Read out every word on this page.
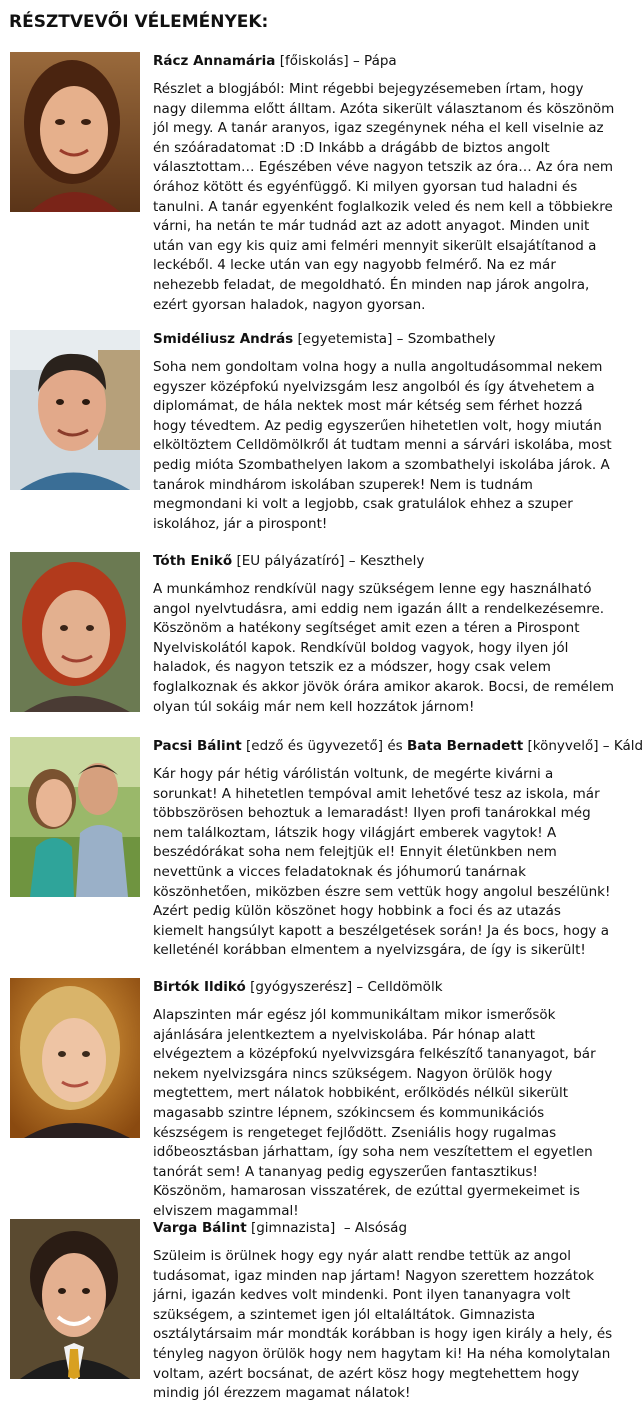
RÉSZTVEVŐI VÉLEMÉNYEK:

Rácz Annamária [főiskolás] – Pápa

Részlet a blogjából: Mint régebbi bejegyzésemeben írtam, hogy nagy dilemma előtt álltam. Azóta sikerült választanom és köszönöm jól megy. A tanár aranyos, igaz szegénynek néha el kell viselnie az én szóáradatomat :D :D Inkább a drágább de biztos angolt választottam… Egészében véve nagyon tetszik az óra… Az óra nem órához kötött és egyénfüggő. Ki milyen gyorsan tud haladni és tanulni. A tanár egyenként foglalkozik veled és nem kell a többiekre várni, ha netán te már tudnád azt az adott anyagot. Minden unit után van egy kis quiz ami felméri mennyit sikerült elsajátítanod a leckéből. 4 lecke után van egy nagyobb felmérő. Na ez már nehezebb feladat, de megoldható. Én minden nap járok angolra, ezért gyorsan haladok, nagyon gyorsan.

Smidéliusz András [egyetemista] – Szombathely

Soha nem gondoltam volna hogy a nulla angoltudásommal nekem egyszer középfokú nyelvizsgám lesz angolból és így átvehetem a diplomámat, de hála nektek most már kétség sem férhet hozzá hogy tévedtem. Az pedig egyszerűen hihetetlen volt, hogy miután elköltöztem Celldömölkről át tudtam menni a sárvári iskolába, most pedig mióta Szombathelyen lakom a szombathelyi iskolába járok. A tanárok mindhárom iskolában szuperek! Nem is tudnám megmondani ki volt a legjobb, csak gratulálok ehhez a szuper iskolához, jár a pirospont!

Tóth Enikő [EU pályázatíró] – Keszthely

A munkámhoz rendkívül nagy szükségem lenne egy használható angol nyelvtudásra, ami eddig nem igazán állt a rendelkezésemre. Köszönöm a hatékony segítséget amit ezen a téren a Pirospont Nyelviskolától kapok. Rendkívül boldog vagyok, hogy ilyen jól haladok, és nagyon tetszik ez a módszer, hogy csak velem foglalkoznak és akkor jövök órára amikor akarok. Bocsi, de remélem olyan túl sokáig már nem kell hozzátok járnom!

Pacsi Bálint [edző és ügyvezető] és Bata Bernadett [könyvelő] – Káld

Kár hogy pár hétig várólistán voltunk, de megérte kivárni a sorunkat! A hihetetlen tempóval amit lehetővé tesz az iskola, már többszörösen behoztuk a lemaradást! Ilyen profi tanárokkal még nem találkoztam, látszik hogy világjárt emberek vagytok! A beszédórákat soha nem felejtjük el! Ennyit életünkben nem nevettünk a vicces feladatoknak és jóhumorú tanárnak köszönhetően, miközben észre sem vettük hogy angolul beszélünk! Azért pedig külön köszönet hogy hobbink a foci és az utazás kiemelt hangsúlyt kapott a beszélgetések során! Ja és bocs, hogy a kelleténél korábban elmentem a nyelvizsgára, de így is sikerült!

Birtók Ildikó [gyógyszerész] – Celldömölk

Alapszinten már egész jól kommunikáltam mikor ismerősök ajánlására jelentkeztem a nyelviskolába. Pár hónap alatt elvégeztem a középfokú nyelvvizsgára felkészítő tananyagot, bár nekem nyelvizsgára nincs szükségem. Nagyon örülök hogy megtettem, mert nálatok hobbiként, erőlködés nélkül sikerült magasabb szintre lépnem, szókincsem és kommunikációs készségem is rengeteget fejlődött. Zseniális hogy rugalmas időbeosztásban járhattam, így soha nem veszítettem el egyetlen tanórát sem! A tananyag pedig egyszerűen fantasztikus! Köszönöm, hamarosan visszatérek, de ezúttal gyermekeimet is elviszem magammal!

Varga Bálint [gimnazista]  – Alsóság

Szüleim is örülnek hogy egy nyár alatt rendbe tettük az angol tudásomat, igaz minden nap jártam! Nagyon szerettem hozzátok járni, igazán kedves volt mindenki. Pont ilyen tananyagra volt szükségem, a szintemet igen jól eltaláltátok. Gimnazista osztálytársaim már mondták korábban is hogy igen király a hely, és tényleg nagyon örülök hogy nem hagytam ki! Ha néha komolytalan voltam, azért bocsánat, de azért kösz hogy megtehettem hogy mindig jól érezzem magamat nálatok!
